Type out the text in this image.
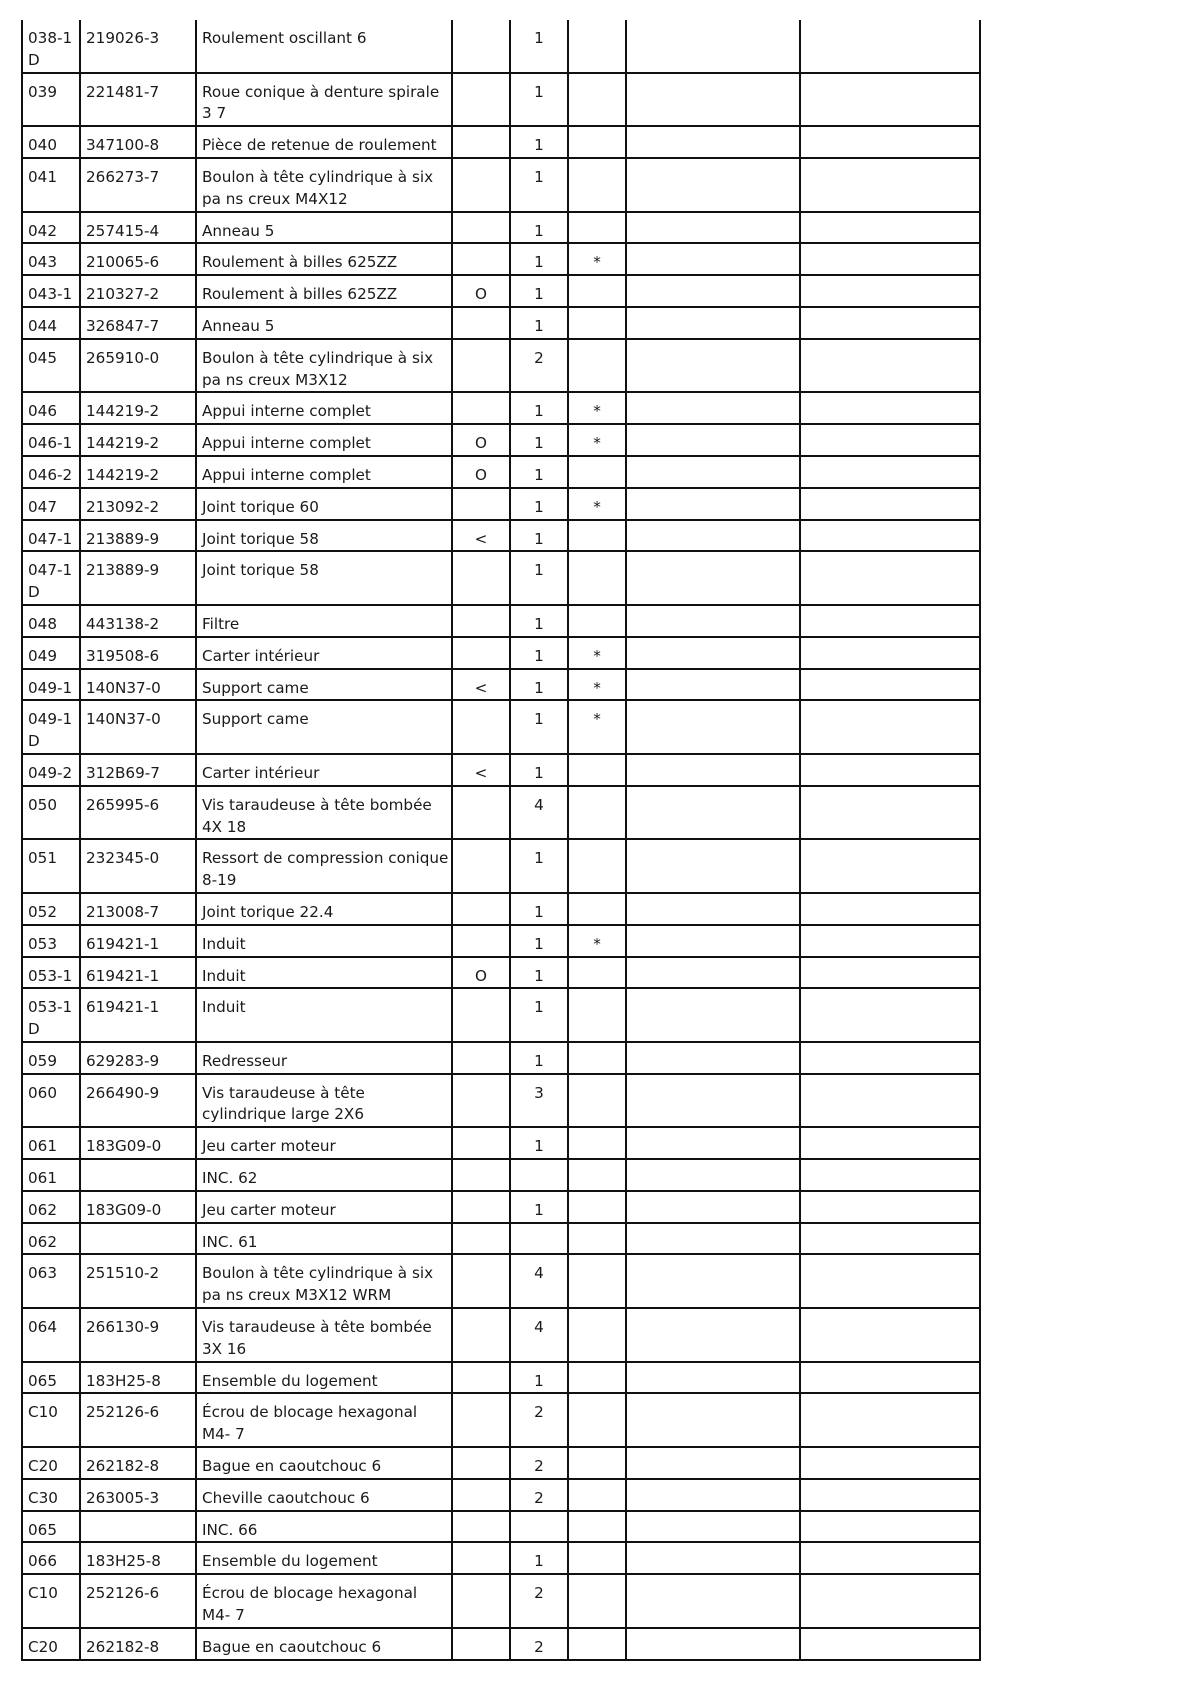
038-1 D	219026-3	Roulement oscillant 6		1			
039	221481-7	Roue conique à denture spirale 3 7		1			
040	347100-8	Pièce de retenue de roulement		1			
041	266273-7	Boulon à tête cylindrique à six pa ns creux M4X12		1			
042	257415-4	Anneau 5		1			
043	210065-6	Roulement à billes 625ZZ		1	*		
043-1	210327-2	Roulement à billes 625ZZ	O	1			
044	326847-7	Anneau 5		1			
045	265910-0	Boulon à tête cylindrique à six pa ns creux M3X12		2			
046	144219-2	Appui interne complet		1	*		
046-1	144219-2	Appui interne complet	O	1	*		
046-2	144219-2	Appui interne complet	O	1			
047	213092-2	Joint torique 60		1	*		
047-1	213889-9	Joint torique 58	<	1			
047-1 D	213889-9	Joint torique 58		1			
048	443138-2	Filtre		1			
049	319508-6	Carter intérieur		1	*		
049-1	140N37-0	Support came	<	1	*		
049-1 D	140N37-0	Support came		1	*		
049-2	312B69-7	Carter intérieur	<	1			
050	265995-6	Vis taraudeuse à tête bombée 4X 18		4			
051	232345-0	Ressort de compression conique 8-19		1			
052	213008-7	Joint torique 22.4		1			
053	619421-1	Induit		1	*		
053-1	619421-1	Induit	O	1			
053-1 D	619421-1	Induit		1			
059	629283-9	Redresseur		1			
060	266490-9	Vis taraudeuse à tête cylindrique large 2X6		3			
061	183G09-0	Jeu carter moteur		1			
061		INC. 62					
062	183G09-0	Jeu carter moteur		1			
062		INC. 61					
063	251510-2	Boulon à tête cylindrique à six pa ns creux M3X12 WRM		4			
064	266130-9	Vis taraudeuse à tête bombée 3X 16		4			
065	183H25-8	Ensemble du logement		1			
C10	252126-6	Écrou de blocage hexagonal M4- 7		2			
C20	262182-8	Bague en caoutchouc 6		2			
C30	263005-3	Cheville caoutchouc 6		2			
065		INC. 66					
066	183H25-8	Ensemble du logement		1			
C10	252126-6	Écrou de blocage hexagonal M4- 7		2			
C20	262182-8	Bague en caoutchouc 6		2			
